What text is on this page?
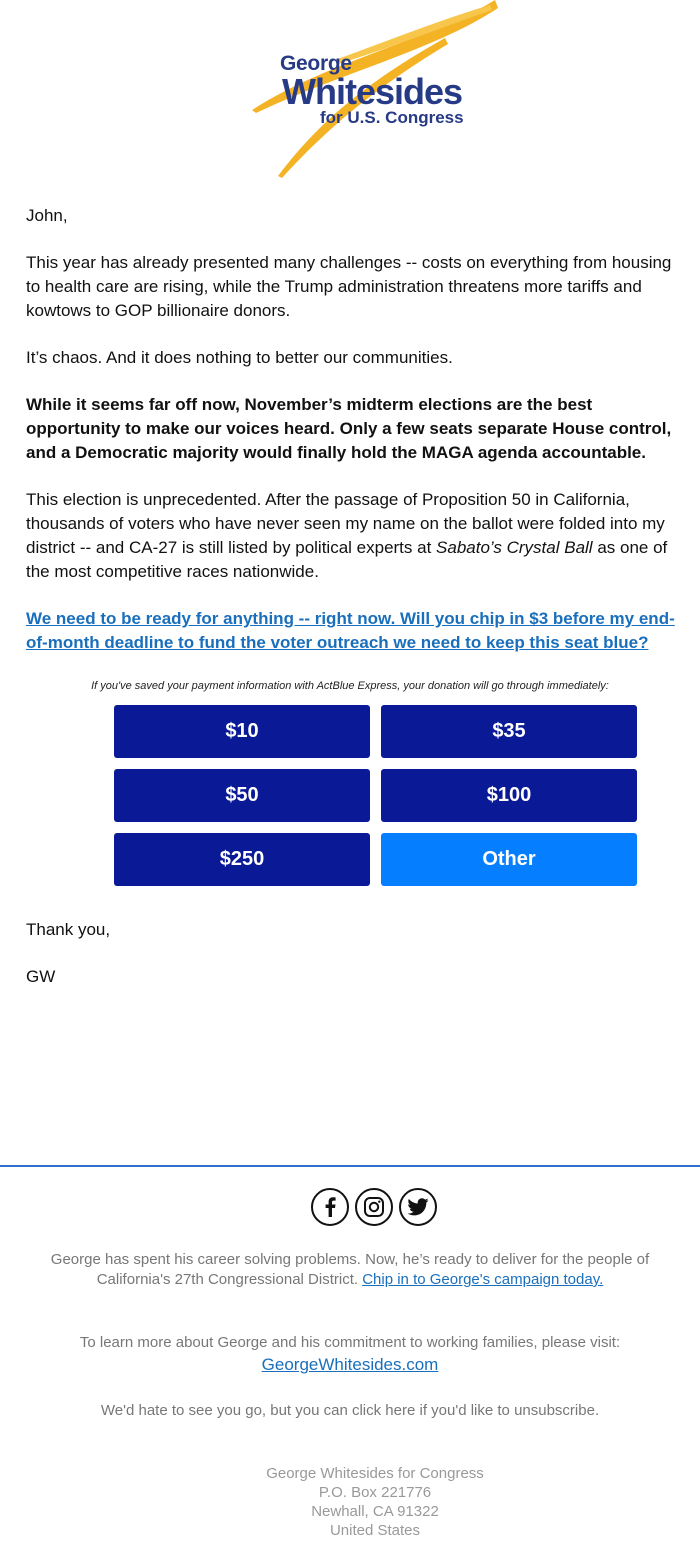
George
Whitesides
for U.S. Congress

John,

This year has already presented many challenges -- costs on everything from housing

to health care are rising, while the Trump administration threatens more tariffs and

kowtows to GOP billionaire donors.

It’s chaos. And it does nothing to better our communities.

While it seems far off now, November’s midterm elections are the best

opportunity to make our voices heard. Only a few seats separate House control,

and a Democratic majority would finally hold the MAGA agenda accountable.

This election is unprecedented. After the passage of Proposition 50 in California,

thousands of voters who have never seen my name on the ballot were folded into my

district -- and CA-27 is still listed by political experts at Sabato’s Crystal Ball as one of

the most competitive races nationwide.

We need to be ready for anything -- right now. Will you chip in $3 before my end-

of-month deadline to fund the voter outreach we need to keep this seat blue?

If you've saved your payment information with ActBlue Express, your donation will go through immediately:
$10	$35
$50	$100
$250	Other
Thank you,
GW
George has spent his career solving problems. Now, he’s ready to deliver for the people of California's 27th Congressional District. Chip in to George's campaign today.
To learn more about George and his commitment to working families, please visit:
GeorgeWhitesides.com
We'd hate to see you go, but you can click here if you'd like to unsubscribe.
George Whitesides for Congress
P.O. Box 221776
Newhall, CA 91322
United States
